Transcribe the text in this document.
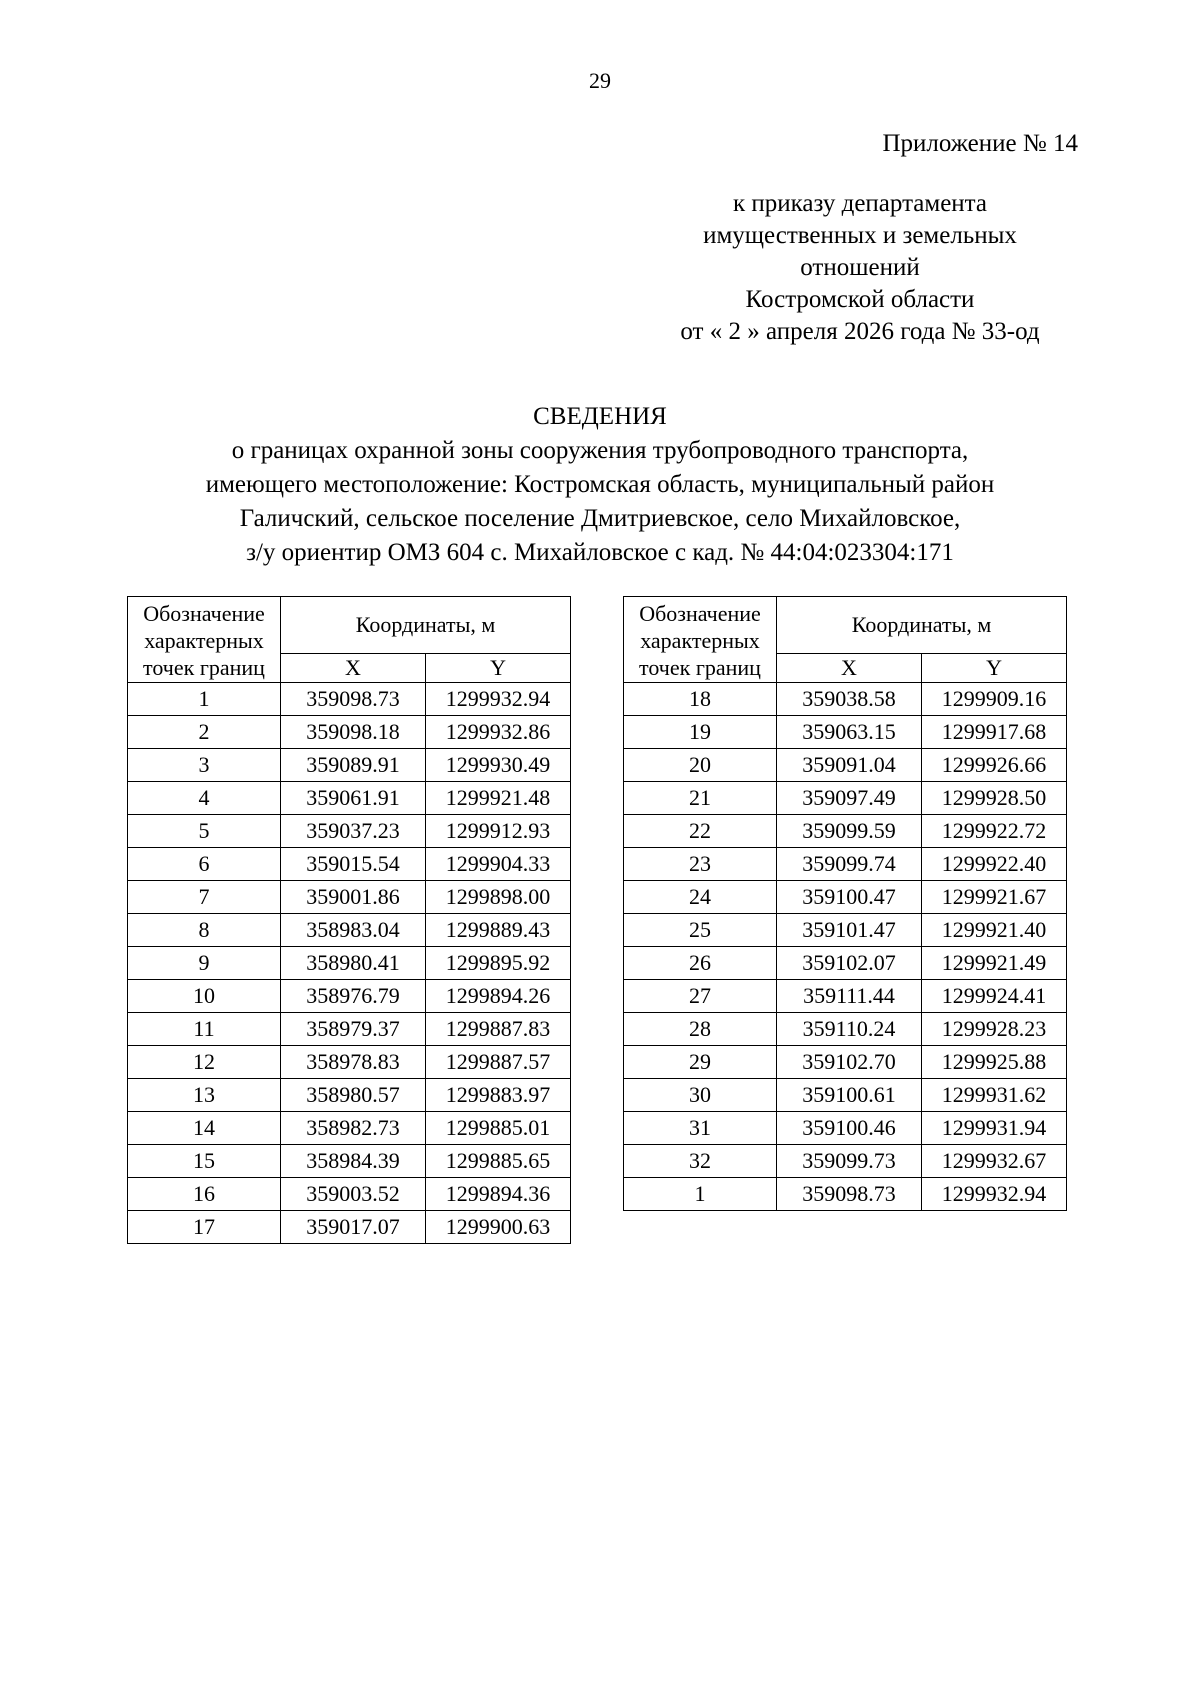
29
Приложение № 14
к приказу департамента
имущественных и земельных
отношений
Костромской области
от « 2 » апреля 2026 года № 33-од
СВЕДЕНИЯ
о границах охранной зоны сооружения трубопроводного транспорта,
имеющего местоположение: Костромская область, муниципальный район
Галичский, сельское поселение Дмитриевское, село Михайловское,
з/у ориентир ОМЗ 604 с. Михайловское с кад. № 44:04:023304:171
Обозначение
характерных
точек границ	Координаты, м	
	X	Y
1	359098.73	1299932.94
2	359098.18	1299932.86
3	359089.91	1299930.49
4	359061.91	1299921.48
5	359037.23	1299912.93
6	359015.54	1299904.33
7	359001.86	1299898.00
8	358983.04	1299889.43
9	358980.41	1299895.92
10	358976.79	1299894.26
11	358979.37	1299887.83
12	358978.83	1299887.57
13	358980.57	1299883.97
14	358982.73	1299885.01
15	358984.39	1299885.65
16	359003.52	1299894.36
17	359017.07	1299900.63
Обозначение
характерных
точек границ	Координаты, м	
	X	Y
18	359038.58	1299909.16
19	359063.15	1299917.68
20	359091.04	1299926.66
21	359097.49	1299928.50
22	359099.59	1299922.72
23	359099.74	1299922.40
24	359100.47	1299921.67
25	359101.47	1299921.40
26	359102.07	1299921.49
27	359111.44	1299924.41
28	359110.24	1299928.23
29	359102.70	1299925.88
30	359100.61	1299931.62
31	359100.46	1299931.94
32	359099.73	1299932.67
1	359098.73	1299932.94
